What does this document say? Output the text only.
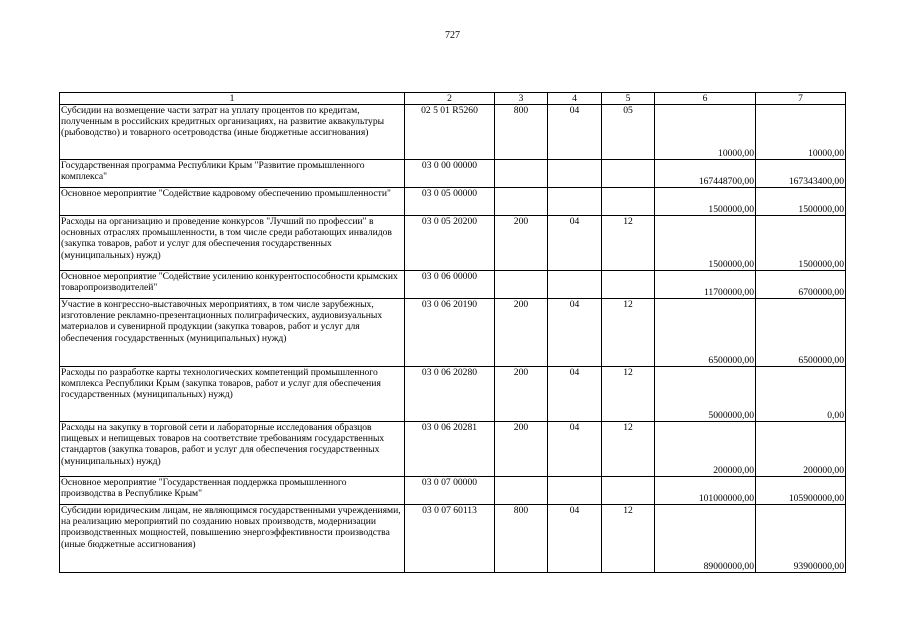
727
1	2	3	4	5	6	7
Субсидии на возмещение части затрат на уплату процентов по кредитам, полученным в российских кредитных организациях, на развитие аквакультуры (рыбоводство) и товарного осетроводства (иные бюджетные ассигнования)	02 5 01 R5260	800	04	05	10000,00	10000,00
Государственная программа Республики Крым "Развитие промышленного комплекса"	03 0 00 00000				167448700,00	167343400,00
Основное мероприятие "Содействие кадровому обеспечению промышленности"	03 0 05 00000				1500000,00	1500000,00
Расходы на организацию и проведение конкурсов "Лучший по профессии" в основных отраслях промышленности, в том числе среди работающих инвалидов (закупка товаров, работ и услуг для обеспечения государственных (муниципальных) нужд)	03 0 05 20200	200	04	12	1500000,00	1500000,00
Основное мероприятие "Содействие усилению конкурентоспособности крымских товаропроизводителей"	03 0 06 00000				11700000,00	6700000,00
Участие в конгрессно-выставочных мероприятиях, в том числе зарубежных, изготовление рекламно-презентационных полиграфических, аудиовизуальных материалов и сувенирной продукции (закупка товаров, работ и услуг для обеспечения государственных (муниципальных) нужд)	03 0 06 20190	200	04	12	6500000,00	6500000,00
Расходы по разработке карты технологических компетенций промышленного комплекса Республики Крым (закупка товаров, работ и услуг для обеспечения государственных (муниципальных) нужд)	03 0 06 20280	200	04	12	5000000,00	0,00
Расходы на закупку в торговой сети и лабораторные исследования образцов пищевых и непищевых товаров на соответствие требованиям государственных стандартов (закупка товаров, работ и услуг для обеспечения государственных (муниципальных) нужд)	03 0 06 20281	200	04	12	200000,00	200000,00
Основное мероприятие "Государственная поддержка промышленного производства в Республике Крым"	03 0 07 00000				101000000,00	105900000,00
Субсидии юридическим лицам, не являющимся государственными учреждениями, на реализацию мероприятий по созданию новых производств, модернизации производственных мощностей, повышению энергоэффективности производства (иные бюджетные ассигнования)	03 0 07 60113	800	04	12	89000000,00	93900000,00
